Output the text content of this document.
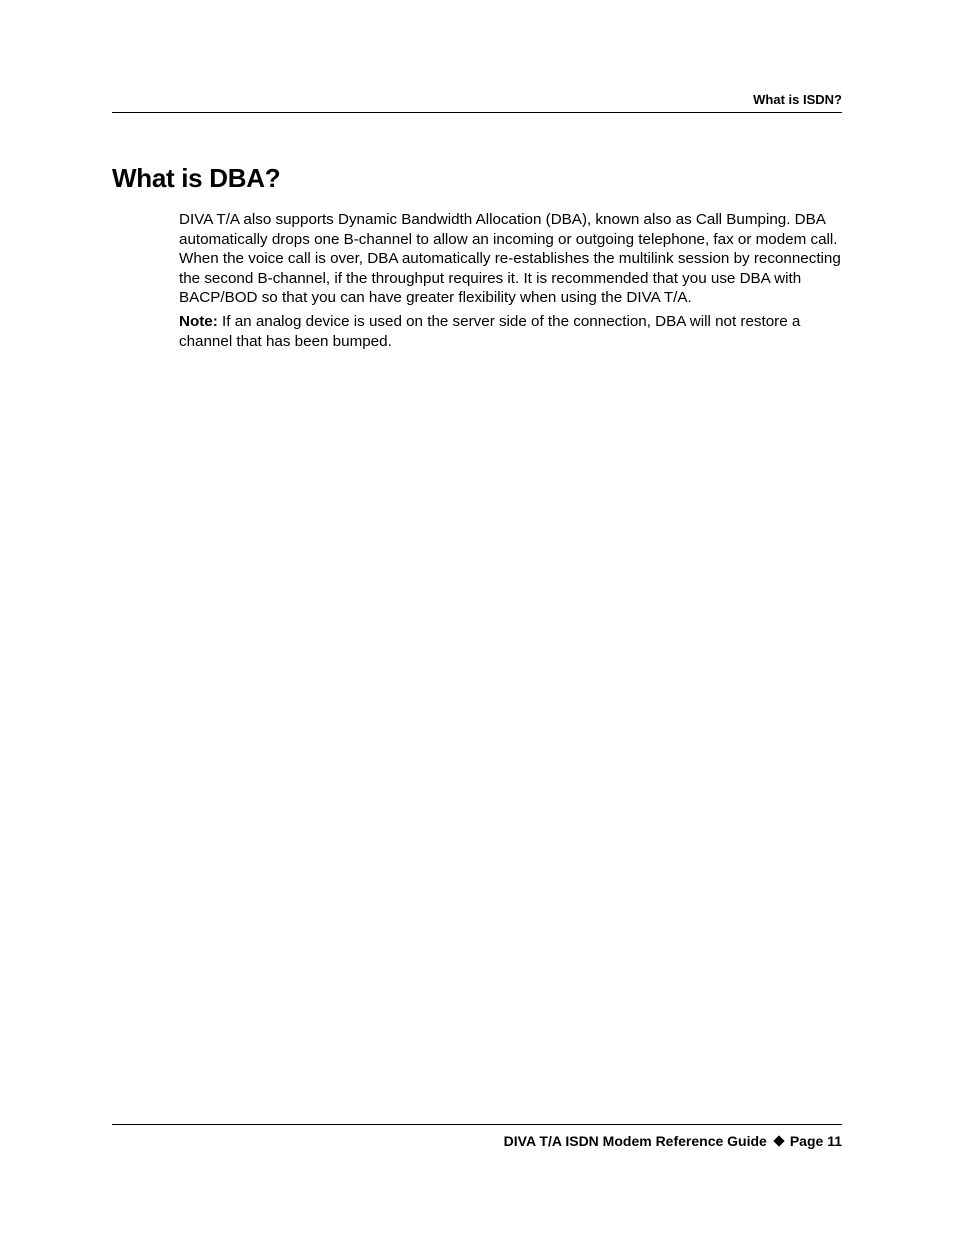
What is ISDN?
What is DBA?

DIVA T/A also supports Dynamic Bandwidth Allocation (DBA), known also as Call Bumping. DBA automatically drops one B-channel to allow an incoming or outgoing telephone, fax or modem call. When the voice call is over, DBA automatically re-establishes the multilink session by reconnecting the second B-channel, if the throughput requires it. It is recommended that you use DBA with BACP/BOD so that you can have greater flexibility when using the DIVA T/A.

Note: If an analog device is used on the server side of the connection, DBA will not restore a channel that has been bumped.

DIVA T/A ISDN Modem Reference Guide Page 11
